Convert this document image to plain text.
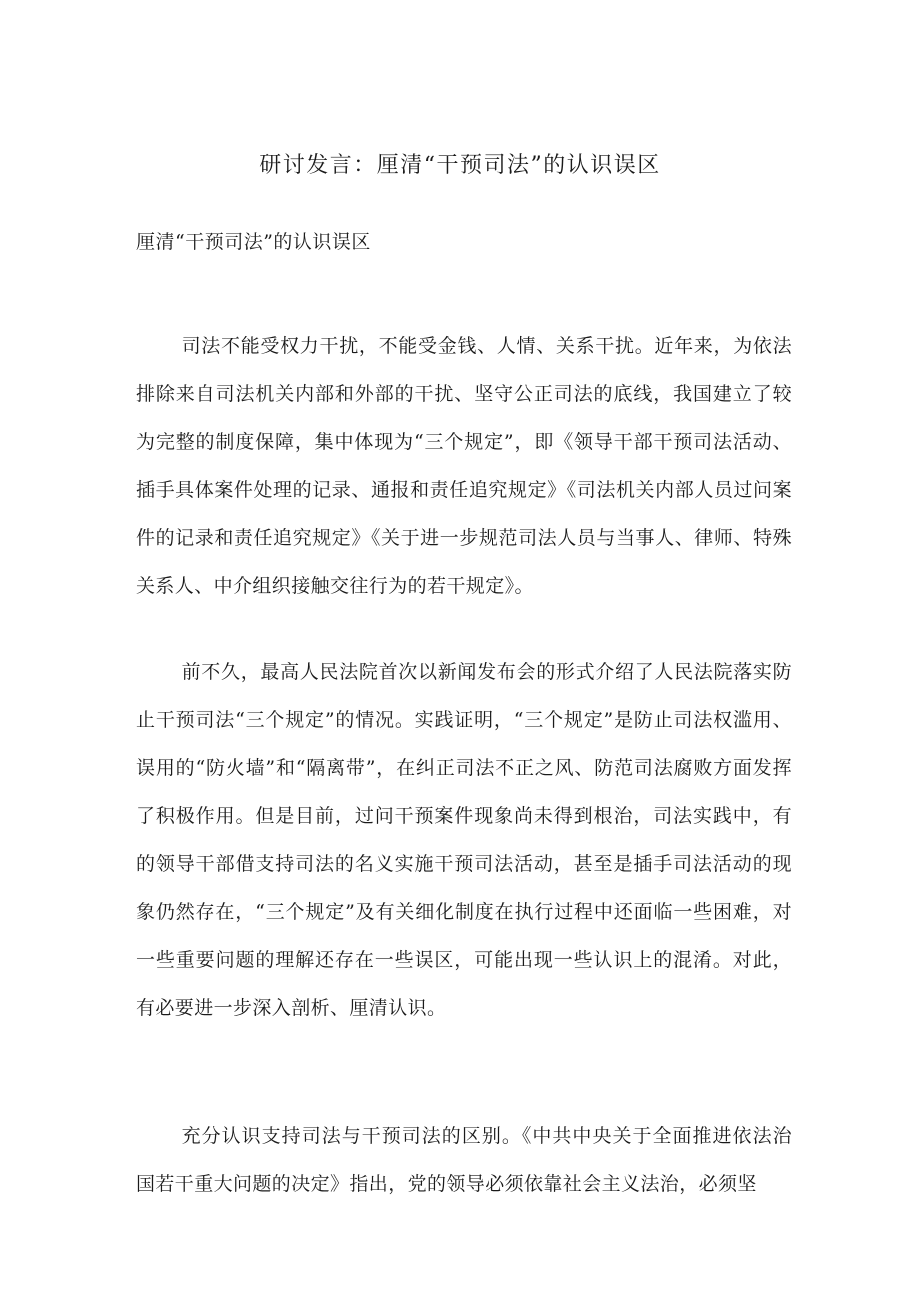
研讨发言：厘清“干预司法”的认识误区
厘清“干预司法”的认识误区

司法不能受权力干扰，不能受金钱、人情、关系干扰。近年来，为依法排除来自司法机关内部和外部的干扰、坚守公正司法的底线，我国建立了较为完整的制度保障，集中体现为“三个规定”，即《领导干部干预司法活动、插手具体案件处理的记录、通报和责任追究规定》《司法机关内部人员过问案件的记录和责任追究规定》《关于进一步规范司法人员与当事人、律师、特殊关系人、中介组织接触交往行为的若干规定》。

前不久，最高人民法院首次以新闻发布会的形式介绍了人民法院落实防止干预司法“三个规定”的情况。实践证明，“三个规定”是防止司法权滥用、误用的“防火墙”和“隔离带”，在纠正司法不正之风、防范司法腐败方面发挥了积极作用。但是目前，过问干预案件现象尚未得到根治，司法实践中，有的领导干部借支持司法的名义实施干预司法活动，甚至是插手司法活动的现象仍然存在，“三个规定”及有关细化制度在执行过程中还面临一些困难，对一些重要问题的理解还存在一些误区，可能出现一些认识上的混淆。对此，有必要进一步深入剖析、厘清认识。

充分认识支持司法与干预司法的区别。《中共中央关于全面推进依法治国若干重大问题的决定》指出，党的领导必须依靠社会主义法治，必须坚
